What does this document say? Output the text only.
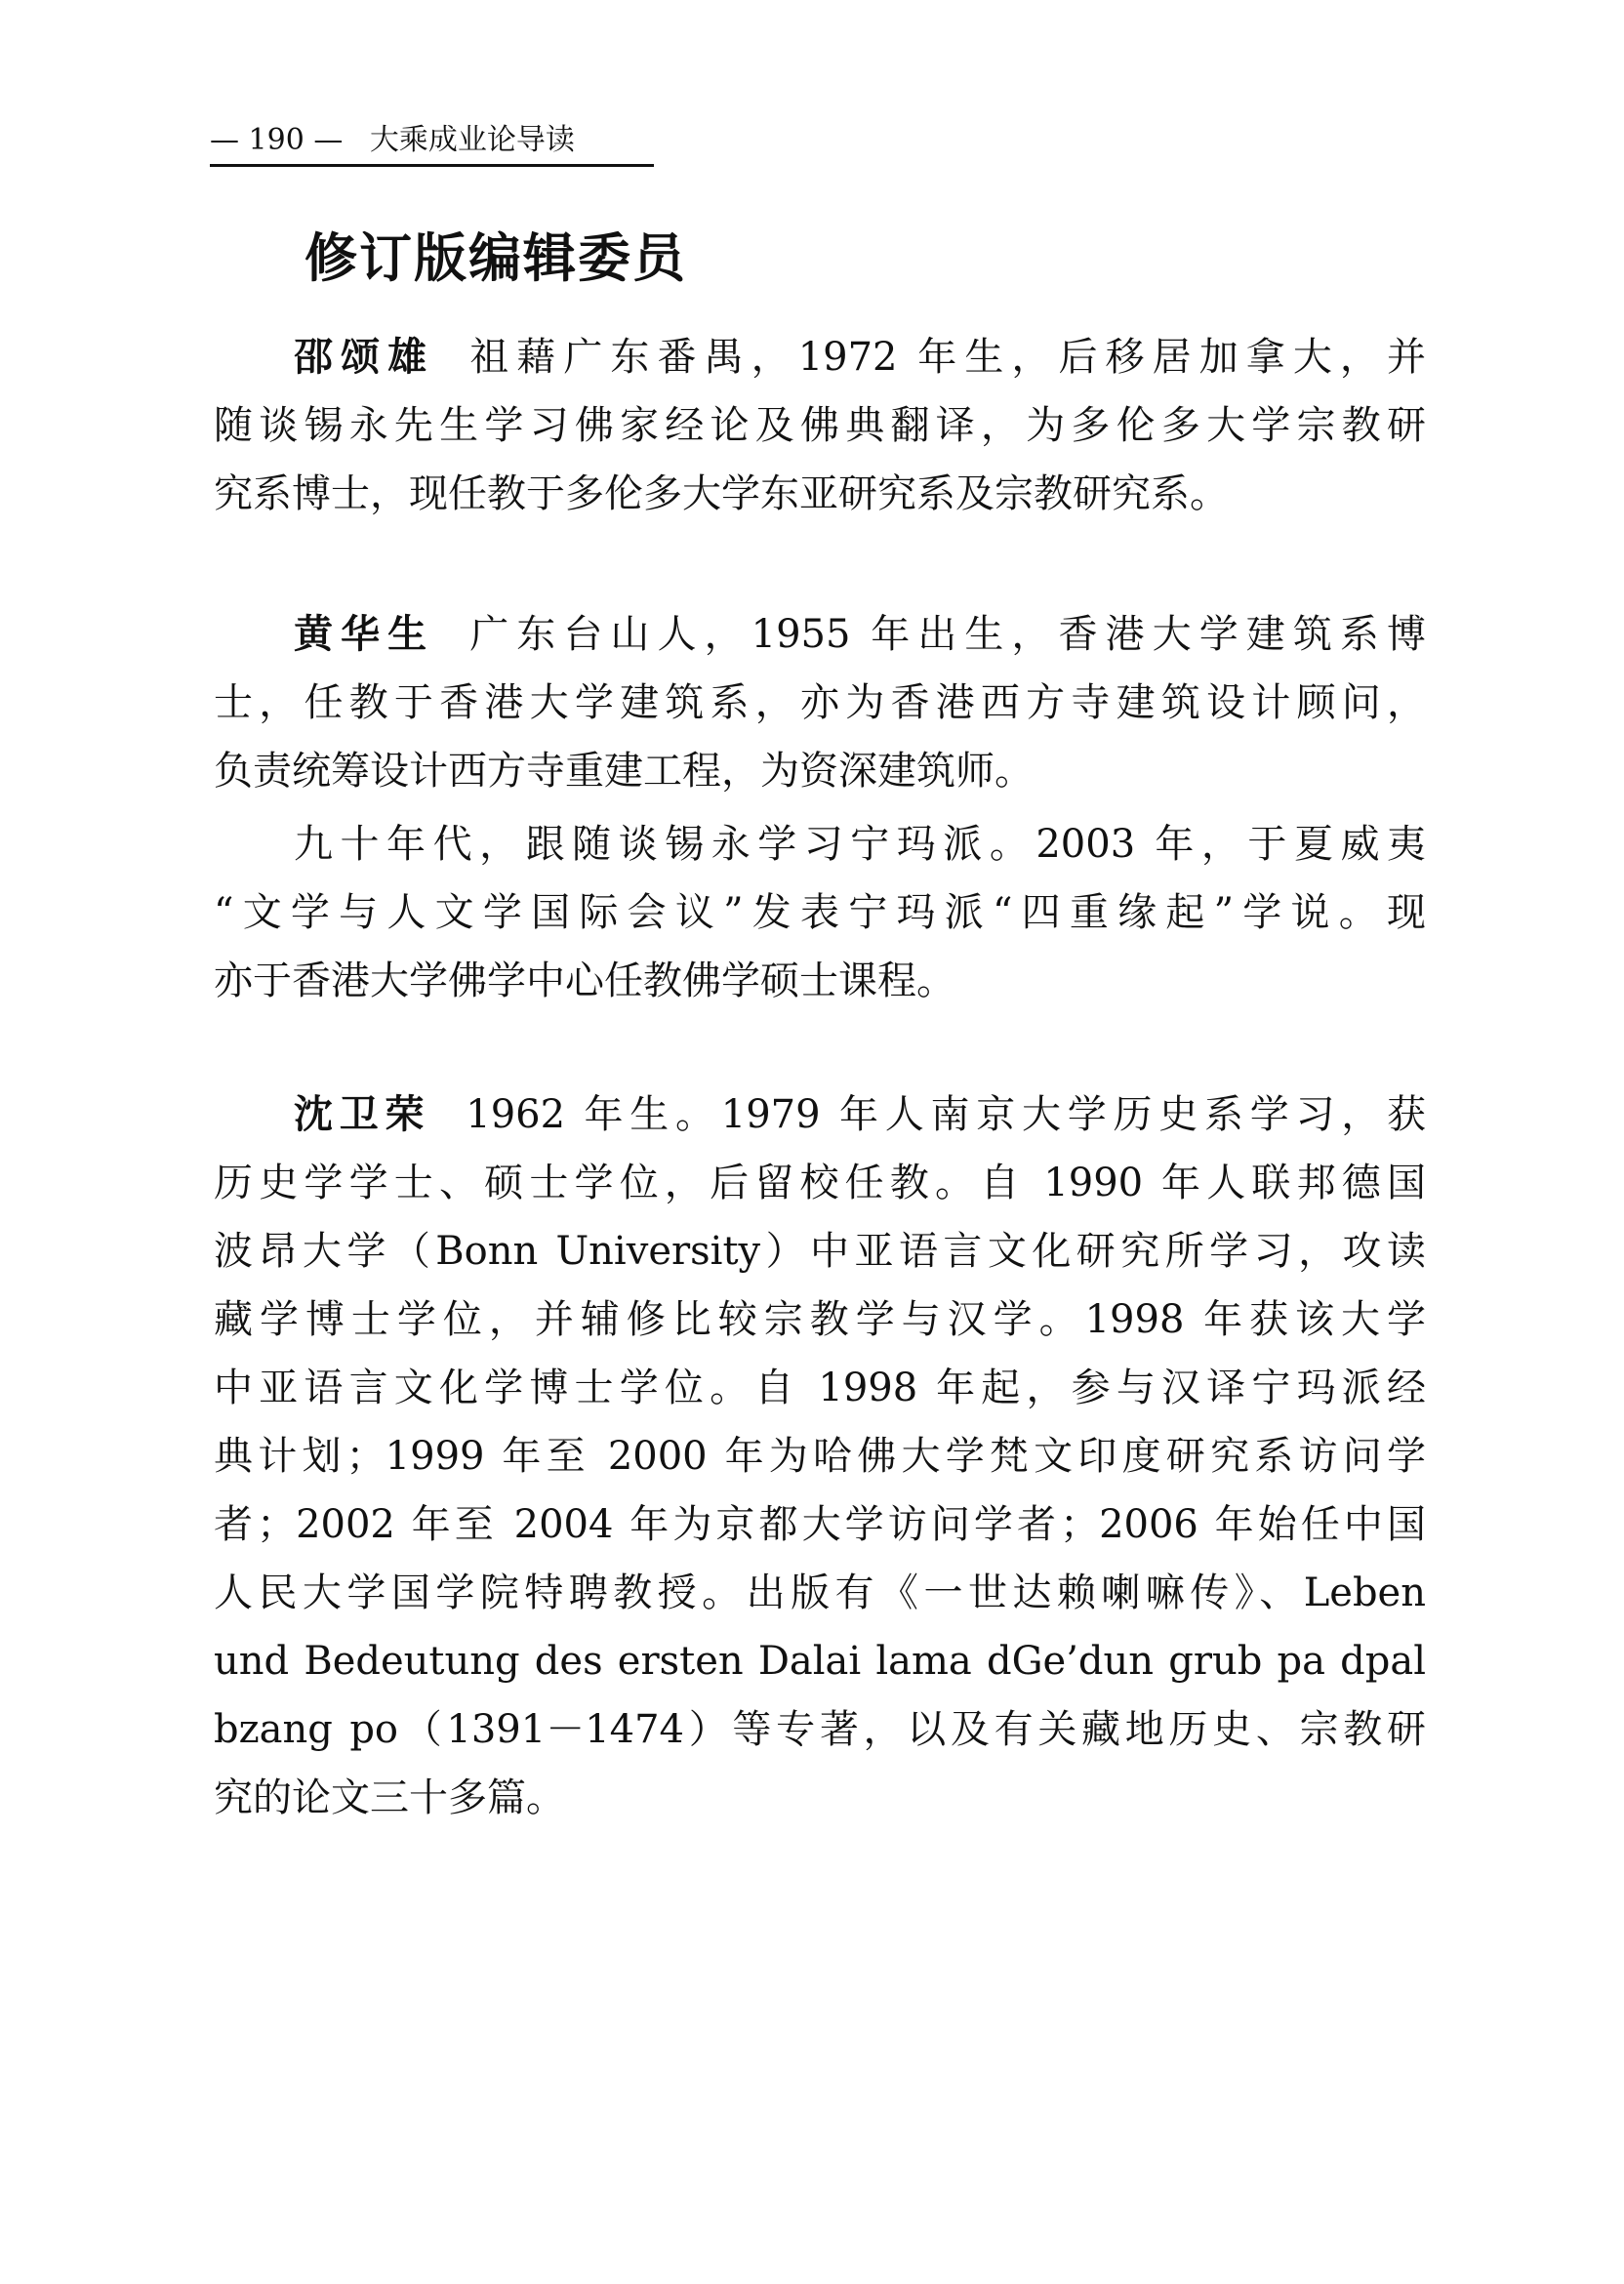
— 190 — 大乘成业论导读
修订版编辑委员
邵颂雄 祖藉广东番禺，1972 年生，后移居加拿大，并
随谈锡永先生学习佛家经论及佛典翻译，为多伦多大学宗教研
究系博士，现任教于多伦多大学东亚研究系及宗教研究系。
黄华生 广东台山人，1955 年出生，香港大学建筑系博
士，任教于香港大学建筑系，亦为香港西方寺建筑设计顾问，
负责统筹设计西方寺重建工程，为资深建筑师。
九十年代，跟随谈锡永学习宁玛派。2003 年，于夏威夷
“文学与人文学国际会议”发表宁玛派“四重缘起”学说。现
亦于香港大学佛学中心任教佛学硕士课程。
沈卫荣 1962 年生。1979 年人南京大学历史系学习，获
历史学学士、硕士学位，后留校任教。自 1990 年人联邦德国
波昂大学（Bonn University）中亚语言文化研究所学习，攻读
藏学博士学位，并辅修比较宗教学与汉学。1998 年获该大学
中亚语言文化学博士学位。自 1998 年起，参与汉译宁玛派经
典计划；1999 年至 2000 年为哈佛大学梵文印度研究系访问学
者；2002 年至 2004 年为京都大学访问学者；2006 年始任中国
人民大学国学院特聘教授。出版有《一世达赖喇嘛传》、Leben
und Bedeutung des ersten Dalai lama dGe’dun grub pa dpal
bzang po（1391－1474）等专著，以及有关藏地历史、宗教研
究的论文三十多篇。
